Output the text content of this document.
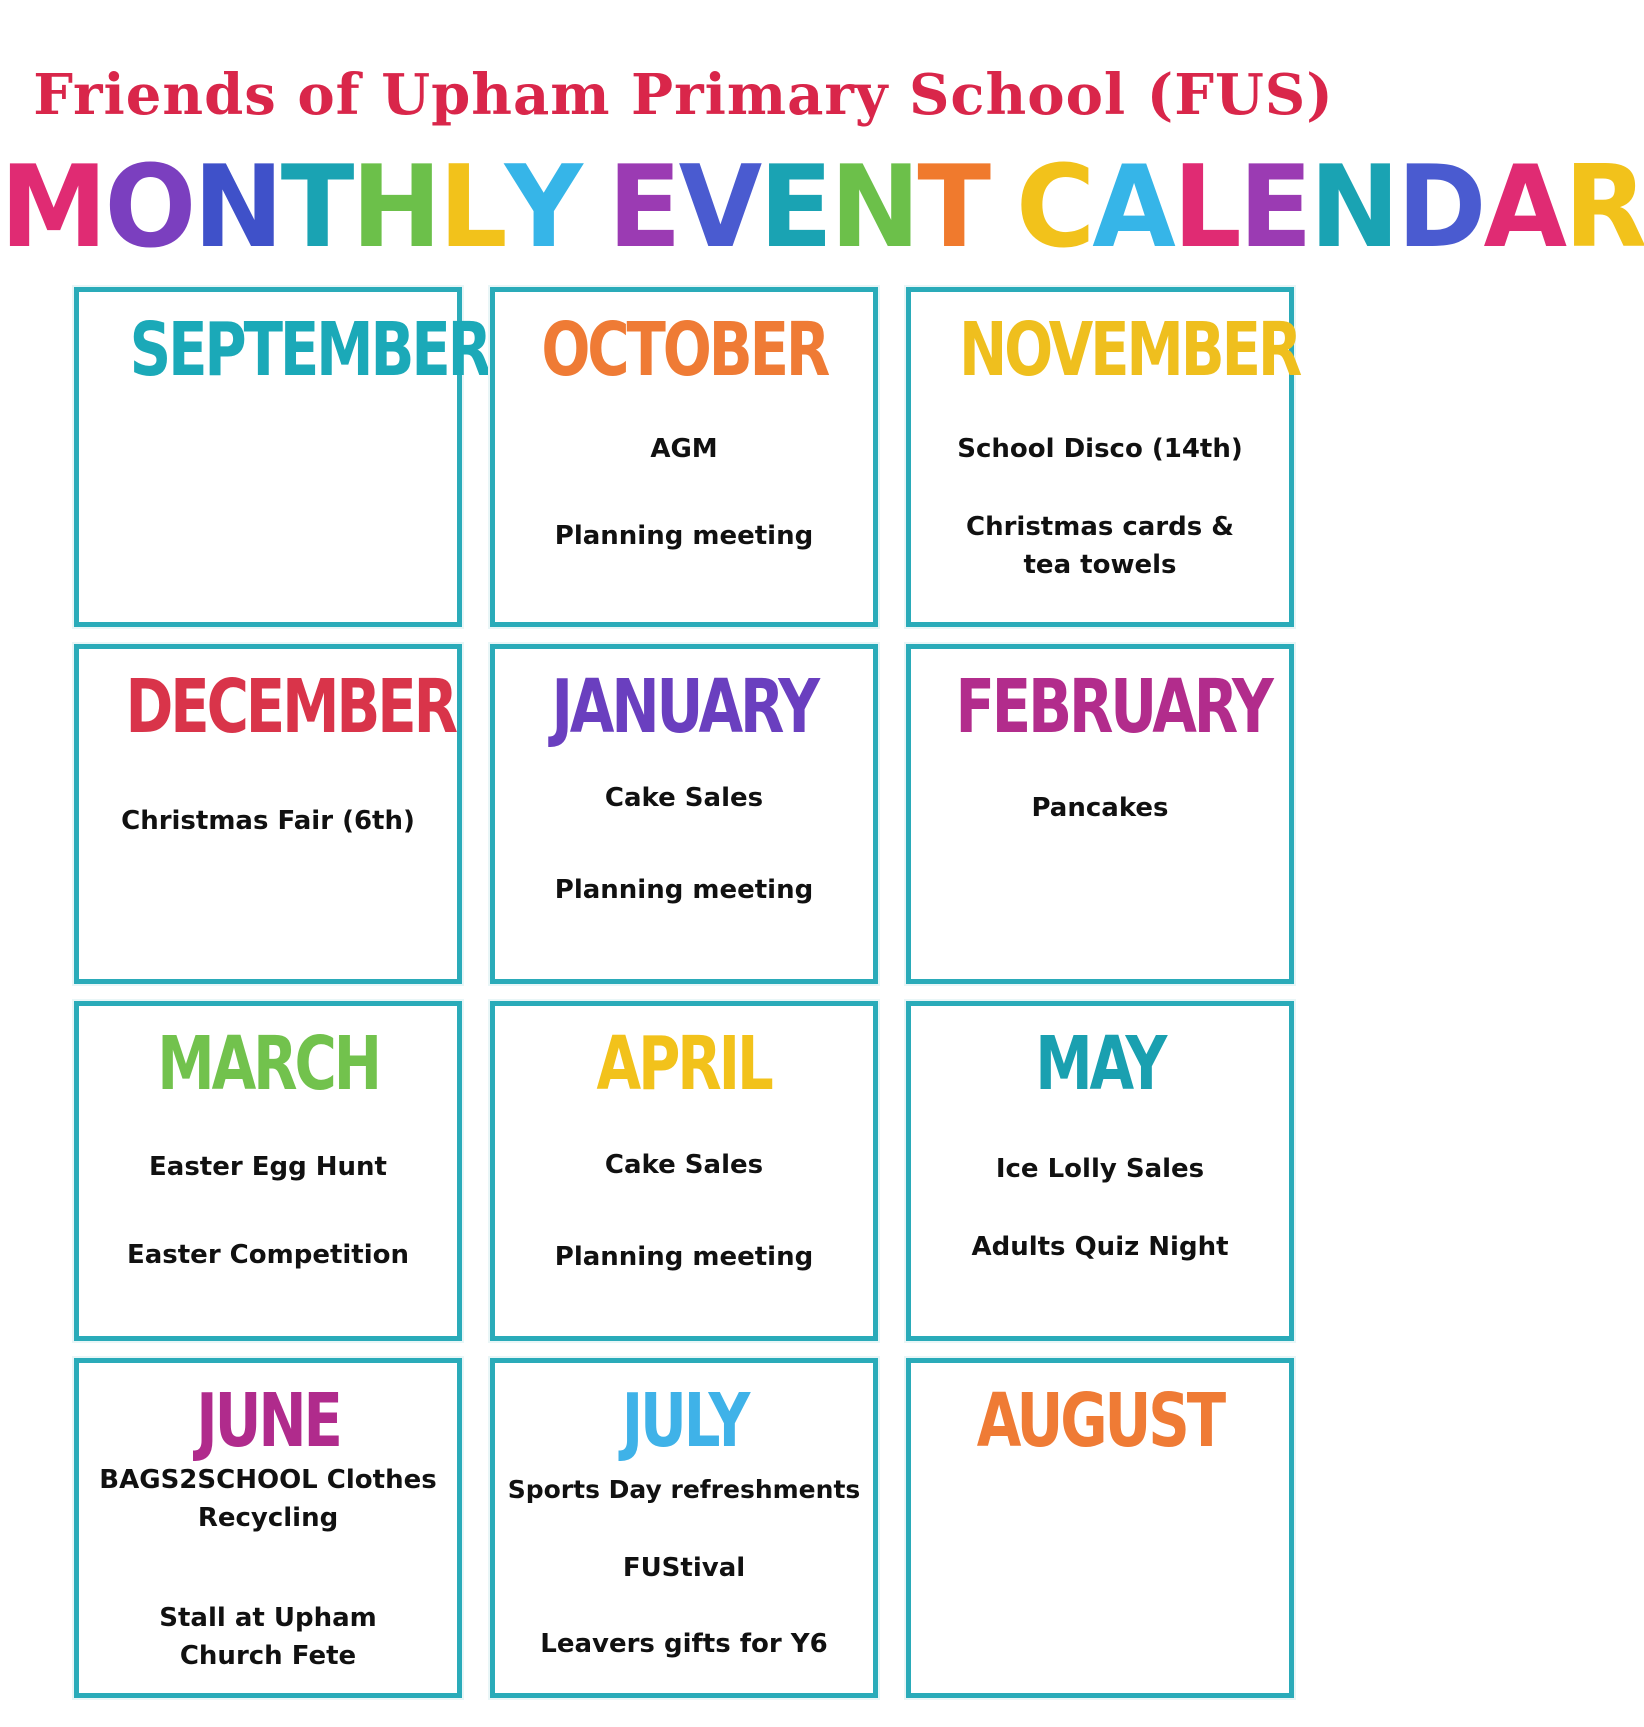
Friends of Upham Primary School (FUS)
MONTHLY EVENT CALENDAR
SEPTEMBER OCTOBER
AGM
Planning meeting
NOVEMBER
School Disco (14th)
Christmas cards &
tea towels
DECEMBER
Christmas Fair (6th)
JANUARY
Cake Sales
Planning meeting
FEBRUARY
Pancakes
MARCH
Easter Egg Hunt
Easter Competition
APRIL
Cake Sales
Planning meeting
MAY
Ice Lolly Sales
Adults Quiz Night
JUNE
BAGS2SCHOOL Clothes
Recycling
Stall at Upham
Church Fete
JULY
Sports Day refreshments
FUStival
Leavers gifts for Y6
AUGUST
